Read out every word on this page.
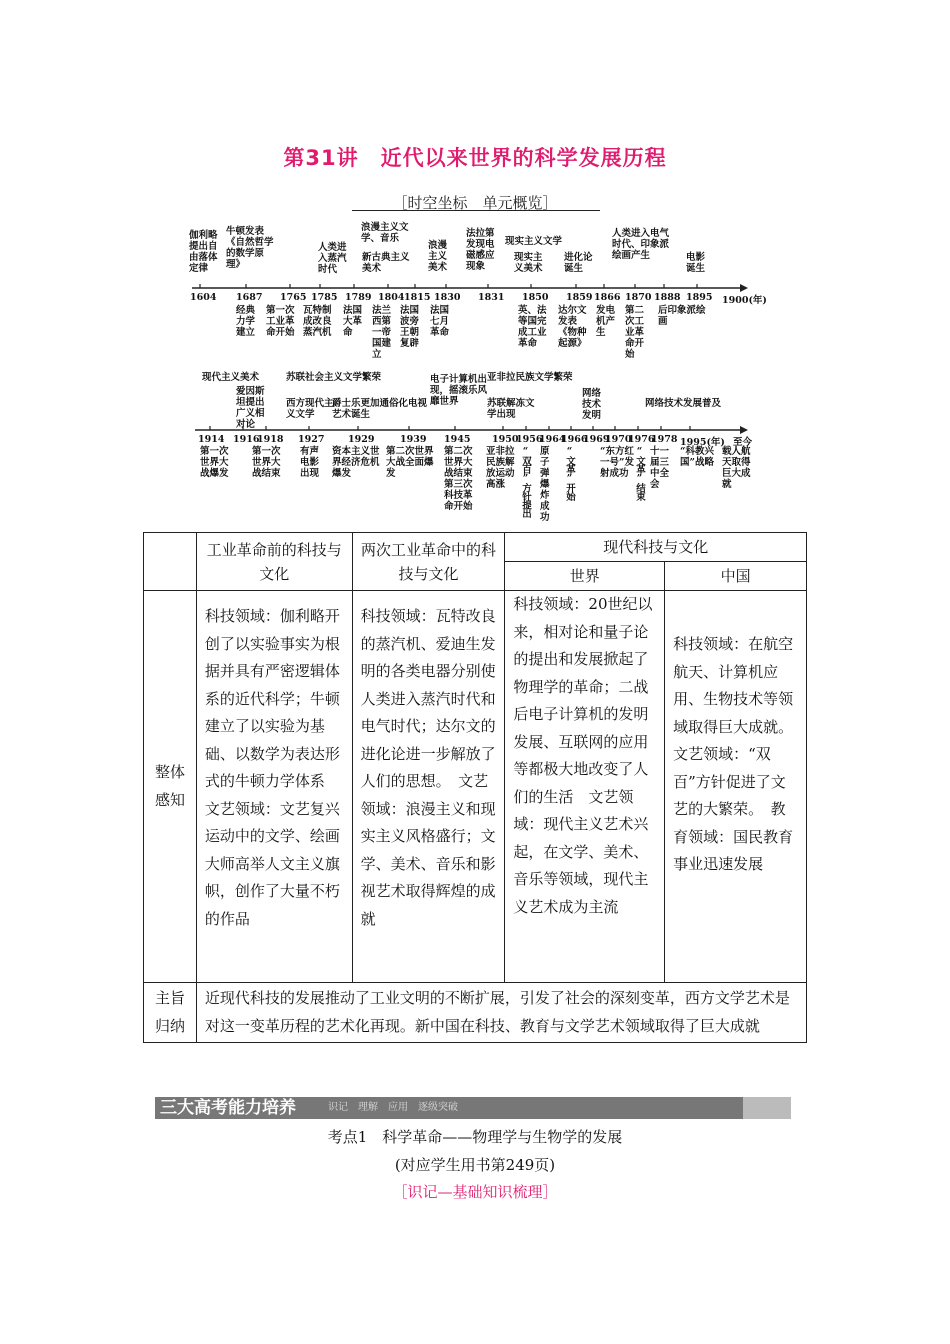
第31讲　近代以来世界的科学发展历程
［时空坐标　单元概览］
1604 1687 1765 1785 1789 1804 1815 1830 1831 1850 1859 1866 1870 1888 1895 1900(年)
伽利略提出自由落体定律
牛顿发表《自然哲学的数学原理》
人类进入蒸汽时代
浪漫主义文学、音乐
新古典主义美术
浪漫主义美术
法拉第发现电磁感应现象
现实主义文学
现实主义美术
进化论诞生
人类进入电气时代、印象派绘画产生	电影诞生
经典力学建立
第一次工业革命开始
瓦特制成改良蒸汽机
法国大革命
法兰西第一帝国建立
法国波旁王朝复辟
法国七月革命
英、法等国完成工业革命
达尔文发表《物种起源》
发电机产生
第二次工业革命开始
后印象派绘画
1914 1916
1918 1927 1929	1939 1945 1950
1956
1964
1966
1969
1970
1976
1978 1995(年) 至今
现代主义美术
爱因斯坦提出广义相对论
西方现代主义文学
苏联社会主义文学繁荣
爵士乐更加通俗化电视艺术诞生
电子计算机出现，摇滚乐风靡世界
亚非拉民族文学繁荣
苏联解冻文学出现
网络技术发明
网络技术发展普及
第一次世界大战爆发
第一次世界大战结束
有声电影出现
资本主义世界经济危机爆发
第二次世界大战全面爆发
第二次世界大战结束第三次科技革命开始
亚非拉民族解放运动高涨	“双百”方针提出 原子弹爆炸成功
“文革”开始	“东方红一号”发射成功 “文革”结束 十一届三中全会
“科教兴国”战略
载人航天取得巨大成就
	工业革命前的科技与文化	两次工业革命中的科技与文化	现代科技与文化	
			世界	中国
整体感知	科技领域：伽利略开创了以实验事实为根据并具有严密逻辑体系的近代科学；牛顿建立了以实验为基础、以数学为表达形式的牛顿力学体系　文艺领域：文艺复兴运动中的文学、绘画大师高举人文主义旗帜，创作了大量不朽的作品	科技领域：瓦特改良的蒸汽机、爱迪生发明的各类电器分别使人类进入蒸汽时代和电气时代；达尔文的进化论进一步解放了人们的思想。　文艺领域：浪漫主义和现实主义风格盛行；文学、美术、音乐和影视艺术取得辉煌的成就	科技领域：20世纪以来，相对论和量子论的提出和发展掀起了物理学的革命；二战后电子计算机的发明发展、互联网的应用等都极大地改变了人们的生活　文艺领域：现代主义艺术兴起，在文学、美术、音乐等领域，现代主义艺术成为主流	科技领域：在航空航天、计算机应用、生物技术等领域取得巨大成就。　文艺领域：“双百”方针促进了文艺的大繁荣。　教育领域：国民教育事业迅速发展
主旨归纳	近现代科技的发展推动了工业文明的不断扩展，引发了社会的深刻变革，西方文学艺术是对这一变革历程的艺术化再现。新中国在科技、教育与文学艺术领域取得了巨大成就			
三大高考能力培养	识记　理解　应用　逐级突破
考点1　科学革命——物理学与生物学的发展
(对应学生用书第249页)
［识记—基础知识梳理］
